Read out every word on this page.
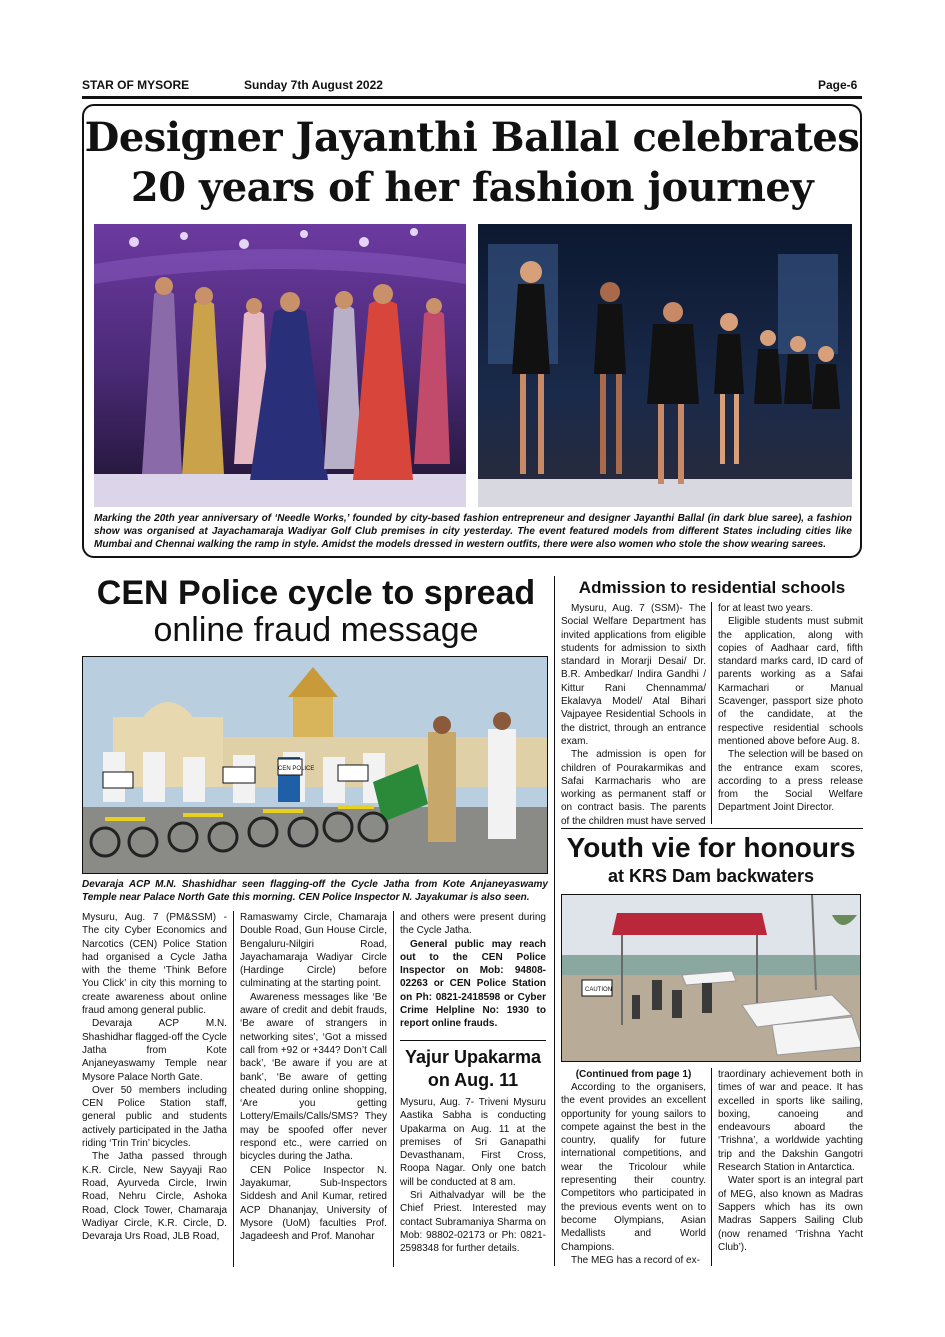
STAR OF MYSORE	Sunday 7th August 2022	Page-6
Designer Jayanthi Ballal celebrates
20 years of her fashion journey
Marking the 20th year anniversary of ‘Needle Works,’ founded by city-based fashion entrepreneur and designer Jayanthi Ballal (in dark blue saree), a fashion show was organised at Jayachamaraja Wadiyar Golf Club premises in city yesterday. The event featured models from different States including cities like Mumbai and Chennai walking the ramp in style. Amidst the models dressed in western outfits, there were also women who stole the show wearing sarees.
CEN Police cycle to spread
online fraud message
CEN POLICE
Devaraja ACP M.N. Shashidhar seen flagging-off the Cycle Jatha from Kote Anjaneyaswamy Temple near Palace North Gate this morning. CEN Police Inspector N. Jayakumar is also seen.

Mysuru, Aug. 7 (PM&SSM) - The city Cyber Economics and Narcotics (CEN) Police Station had organised a Cycle Jatha with the theme ‘Think Before You Click’ in city this morning to create awareness about online fraud among general public.

Devaraja ACP M.N. Shashidhar flagged-off the Cycle Jatha from Kote Anjaneyaswamy Temple near Mysore Palace North Gate.

Over 50 members including CEN Police Station staff, general public and students actively participated in the Jatha riding ‘Trin Trin’ bicycles.

The Jatha passed through K.R. Circle, New Sayyaji Rao Road, Ayurveda Circle, Irwin Road, Nehru Circle, Ashoka Road, Clock Tower, Chamaraja Wadiyar Circle, K.R. Circle, D. Devaraja Urs Road, JLB Road,

Ramaswamy Circle, Chamaraja Double Road, Gun House Circle, Bengaluru-Nilgiri Road, Jayachamaraja Wadiyar Circle (Hardinge Circle) before culminating at the starting point.

Awareness messages like ‘Be aware of credit and debit frauds, ‘Be aware of strangers in networking sites’, ‘Got a missed call from +92 or +344? Don’t Call back’, ‘Be aware if you are at bank’, ‘Be aware of getting cheated during online shopping, ‘Are you getting Lottery/Emails/Calls/SMS? They may be spoofed offer never respond etc., were carried on bicycles during the Jatha.

CEN Police Inspector N. Jayakumar, Sub-Inspectors Siddesh and Anil Kumar, retired ACP Dhananjay, University of Mysore (UoM) faculties Prof. Jagadeesh and Prof. Manohar

and others were present during the Cycle Jatha.

General public may reach out to the CEN Police Inspector on Mob: 94808-02263 or CEN Police Station on Ph: 0821-2418598 or Cyber Crime Helpline No: 1930 to report online frauds.

Yajur Upakarma
on Aug. 11

Mysuru, Aug. 7- Triveni Mysuru Aastika Sabha is conducting Upakarma on Aug. 11 at the premises of Sri Ganapathi Devasthanam, First Cross, Roopa Nagar. Only one batch will be conducted at 8 am.

Sri Aithalvadyar will be the Chief Priest. Interested may contact Subramaniya Sharma on Mob: 98802-02173 or Ph: 0821-2598348 for further details.

Admission to residential schools

Mysuru, Aug. 7 (SSM)- The Social Welfare Department has invited applications from eligible students for admission to sixth standard in Morarji Desai/ Dr. B.R. Ambedkar/ Indira Gandhi / Kittur Rani Chennamma/ Ekalavya Model/ Atal Bihari Vajpayee Residential Schools in the district, through an entrance exam.

The admission is open for children of Pourakarmikas and Safai Karmacharis who are working as permanent staff or on contract basis. The parents of the children must have served

for at least two years.

Eligible students must submit the application, along with copies of Aadhaar card, fifth standard marks card, ID card of parents working as a Safai Karmachari or Manual Scavenger, passport size photo of the candidate, at the respective residential schools mentioned above before Aug. 8.

The selection will be based on the entrance exam scores, according to a press release from the Social Welfare Department Joint Director.

Youth vie for honours
at KRS Dam backwaters
CAUTION
(Continued from page 1)

According to the organisers, the event provides an excellent opportunity for young sailors to compete against the best in the country, qualify for future international competitions, and wear the Tricolour while representing their country. Competitors who participated in the previous events went on to become Olympians, Asian Medallists and World Champions.

The MEG has a record of ex-

traordinary achievement both in times of war and peace. It has excelled in sports like sailing, boxing, canoeing and endeavours aboard the ‘Trishna’, a worldwide yachting trip and the Dakshin Gangotri Research Station in Antarctica.

Water sport is an integral part of MEG, also known as Madras Sappers which has its own Madras Sappers Sailing Club (now renamed ‘Trishna Yacht Club’).
